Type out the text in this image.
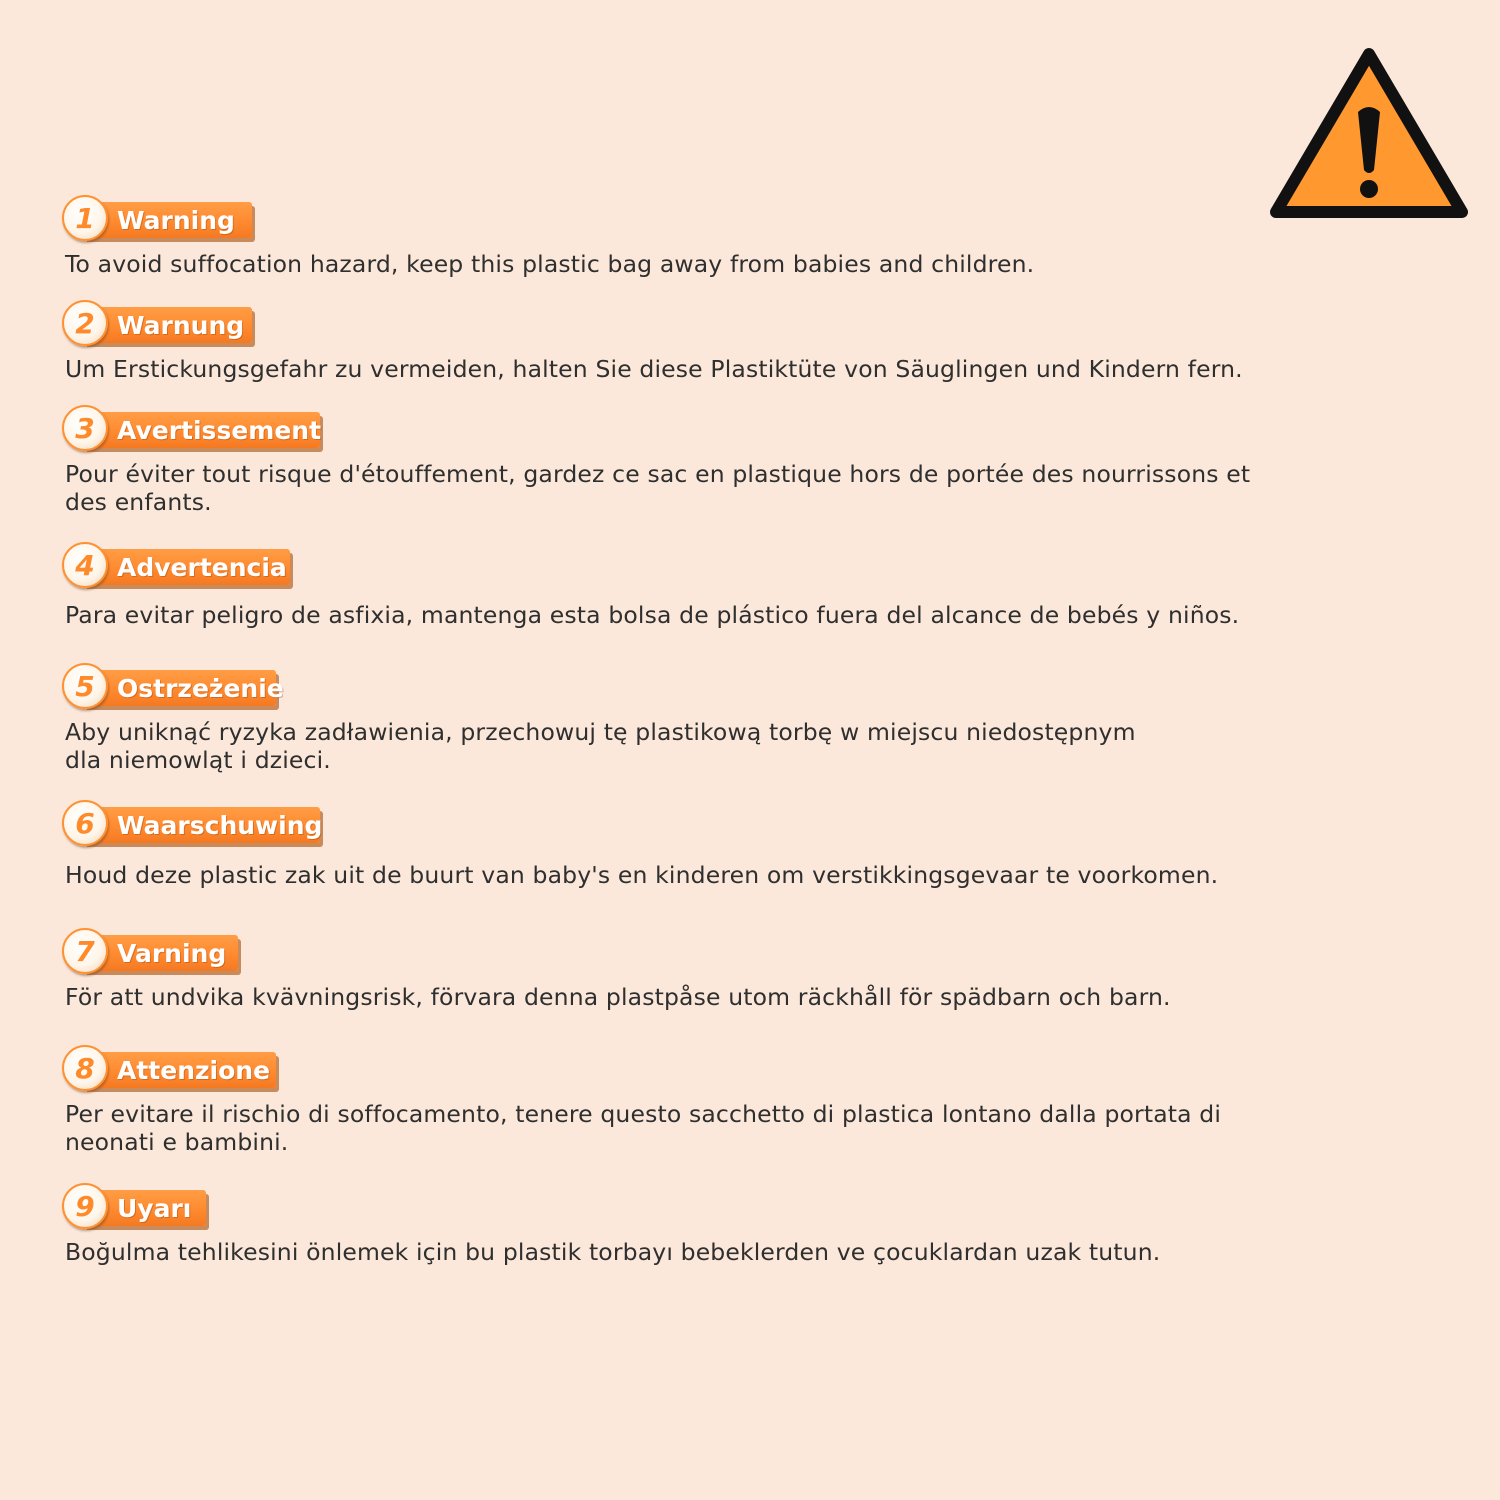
Warning
1
To avoid suffocation hazard, keep this plastic bag away from babies and children.
Warnung
2
Um Erstickungsgefahr zu vermeiden, halten Sie diese Plastiktüte von Säuglingen und Kindern fern.
Avertissement
3
Pour éviter tout risque d'étouffement, gardez ce sac en plastique hors de portée des nourrissons et des enfants.
Advertencia
4
Para evitar peligro de asfixia, mantenga esta bolsa de plástico fuera del alcance de bebés y niños.
Ostrzeżenie
5
Aby uniknąć ryzyka zadławienia, przechowuj tę plastikową torbę w miejscu niedostępnym dla niemowląt i dzieci.
Waarschuwing
6
Houd deze plastic zak uit de buurt van baby's en kinderen om verstikkingsgevaar te voorkomen.
Varning
7
För att undvika kvävningsrisk, förvara denna plastpåse utom räckhåll för spädbarn och barn.
Attenzione
8
Per evitare il rischio di soffocamento, tenere questo sacchetto di plastica lontano dalla portata di neonati e bambini.
Uyarı
9
Boğulma tehlikesini önlemek için bu plastik torbayı bebeklerden ve çocuklardan uzak tutun.
